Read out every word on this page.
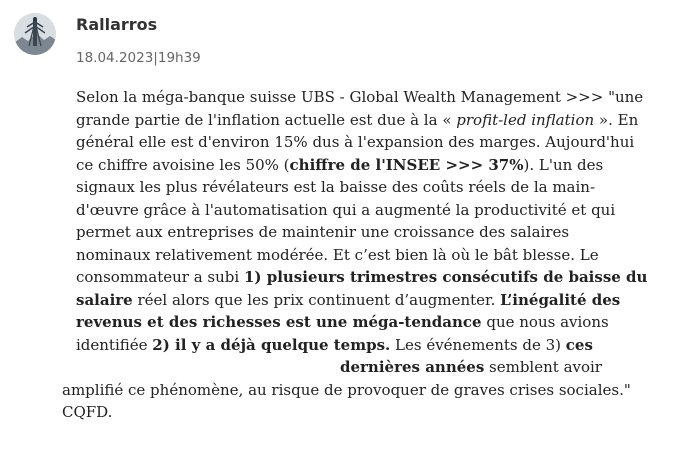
Rallarros
18.04.2023|19h39
Selon la méga-banque suisse UBS - Global Wealth Management >>> "une
grande partie de l'inflation actuelle est due à la « profit-led inflation ». En
général elle est d'environ 15% dus à l'expansion des marges. Aujourd'hui
ce chiffre avoisine les 50% (chiffre de l'INSEE >>> 37%). L'un des
signaux les plus révélateurs est la baisse des coûts réels de la main-
d'œuvre grâce à l'automatisation qui a augmenté la productivité et qui
permet aux entreprises de maintenir une croissance des salaires
nominaux relativement modérée. Et c’est bien là où le bât blesse. Le
consommateur a subi 1) plusieurs trimestres consécutifs de baisse du
salaire réel alors que les prix continuent d’augmenter. L’inégalité des
revenus et des richesses est une méga-tendance que nous avions
identifiée 2) il y a déjà quelque temps. Les événements de 3) ces
dernières années semblent avoir
amplifié ce phénomène, au risque de provoquer de graves crises sociales."
CQFD.
